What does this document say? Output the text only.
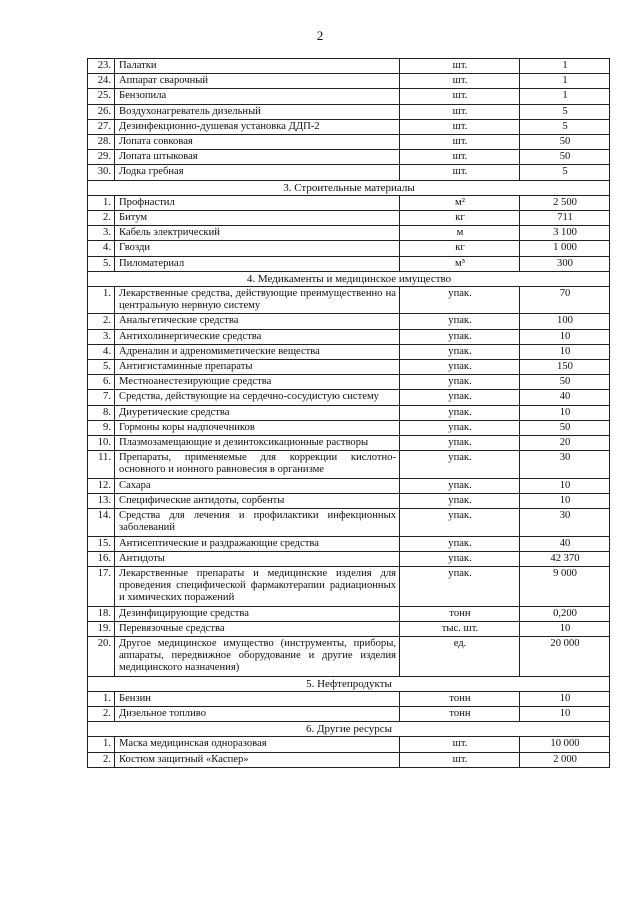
2
23.	Палатки	шт.	1
24.	Аппарат сварочный	шт.	1
25.	Бензопила	шт.	1
26.	Воздухонагреватель дизельный	шт.	5
27.	Дезинфекционно-душевая установка ДДП-2	шт.	5
28.	Лопата совковая	шт.	50
29.	Лопата штыковая	шт.	50
30.	Лодка гребная	шт.	5
3. Строительные материалы			
1.	Профнастил	м²	2 500
2.	Битум	кг	711
3.	Кабель электрический	м	3 100
4.	Гвозди	кг	1 000
5.	Пиломатериал	м³	300
4. Медикаменты и медицинское имущество			
1.	Лекарственные средства, действующие преимущественно на центральную нервную систему	упак.	70
2.	Анальгетические средства	упак.	100
3.	Антихолинергические средства	упак.	10
4.	Адреналин и адреномиметические вещества	упак.	10
5.	Антигистаминные препараты	упак.	150
6.	Местноанестезирующие средства	упак.	50
7.	Средства, действующие на сердечно-сосудистую систему	упак.	40
8.	Диуретические средства	упак.	10
9.	Гормоны коры надпочечников	упак.	50
10.	Плазмозамещающие и дезинтоксикационные растворы	упак.	20
11.	Препараты, применяемые для коррекции кислотно-основного и ионного равновесия в организме	упак.	30
12.	Сахара	упак.	10
13.	Специфические антидоты, сорбенты	упак.	10
14.	Средства для лечения и профилактики инфекционных заболеваний	упак.	30
15.	Антисептические и раздражающие средства	упак.	40
16.	Антидоты	упак.	42 370
17.	Лекарственные препараты и медицинские изделия для проведения специфической фармакотерапии радиационных и химических поражений	упак.	9 000
18.	Дезинфицирующие средства	тонн	0,200
19.	Перевязочные средства	тыс. шт.	10
20.	Другое медицинское имущество (инструменты, приборы, аппараты, передвижное оборудование и другие изделия медицинского назначения)	ед.	20 000
5. Нефтепродукты			
1.	Бензин	тонн	10
2.	Дизельное топливо	тонн	10
6. Другие ресурсы			
1.	Маска медицинская одноразовая	шт.	10 000
2.	Костюм защитный «Каспер»	шт.	2 000
